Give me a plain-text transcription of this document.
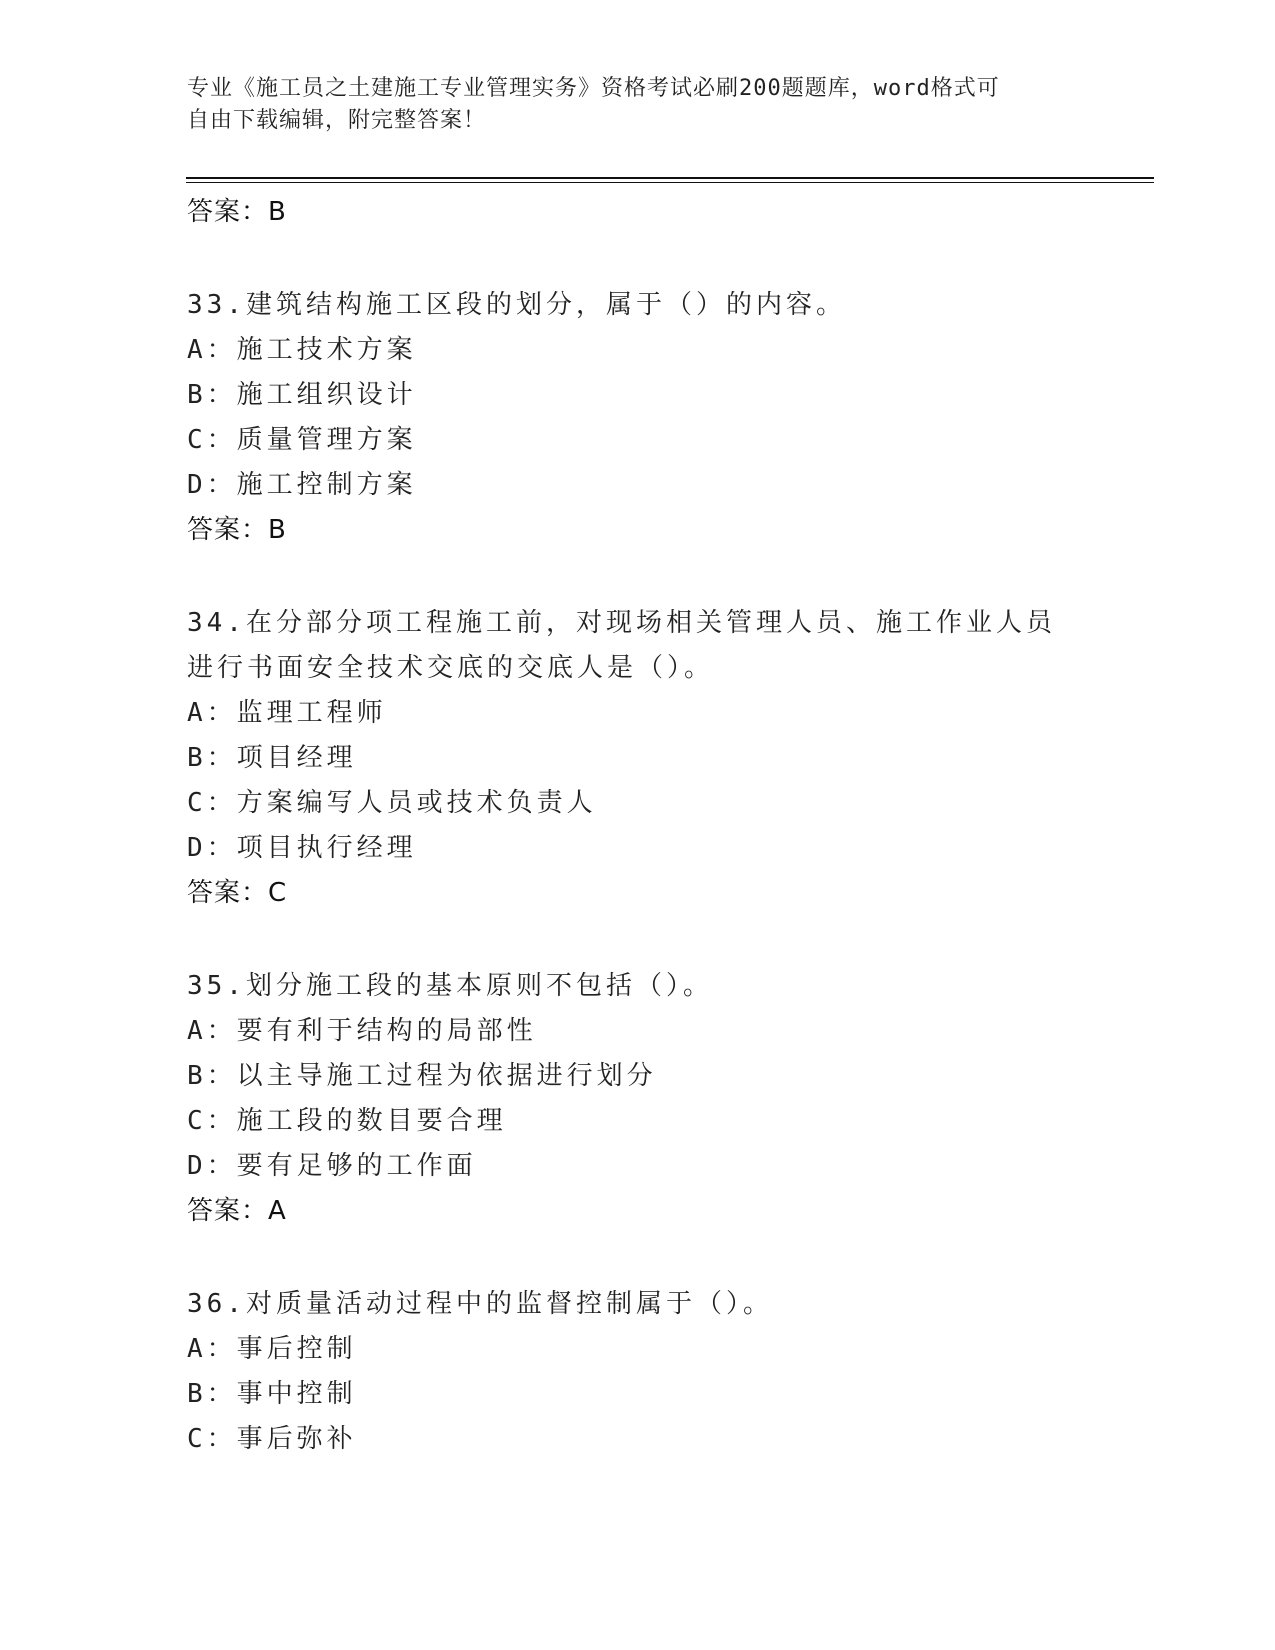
专业《施工员之土建施工专业管理实务》资格考试必刷200题题库，word格式可
自由下载编辑，附完整答案！
答案：B
33.建筑结构施工区段的划分，属于（）的内容。
A：施工技术方案
B：施工组织设计
C：质量管理方案
D：施工控制方案
答案：B
34.在分部分项工程施工前，对现场相关管理人员、施工作业人员进行书面安全技术交底的交底人是（）。
A：监理工程师
B：项目经理
C：方案编写人员或技术负责人
D：项目执行经理
答案：C
35.划分施工段的基本原则不包括（）。
A：要有利于结构的局部性
B：以主导施工过程为依据进行划分
C：施工段的数目要合理
D：要有足够的工作面
答案：A
36.对质量活动过程中的监督控制属于（）。
A：事后控制
B：事中控制
C：事后弥补
